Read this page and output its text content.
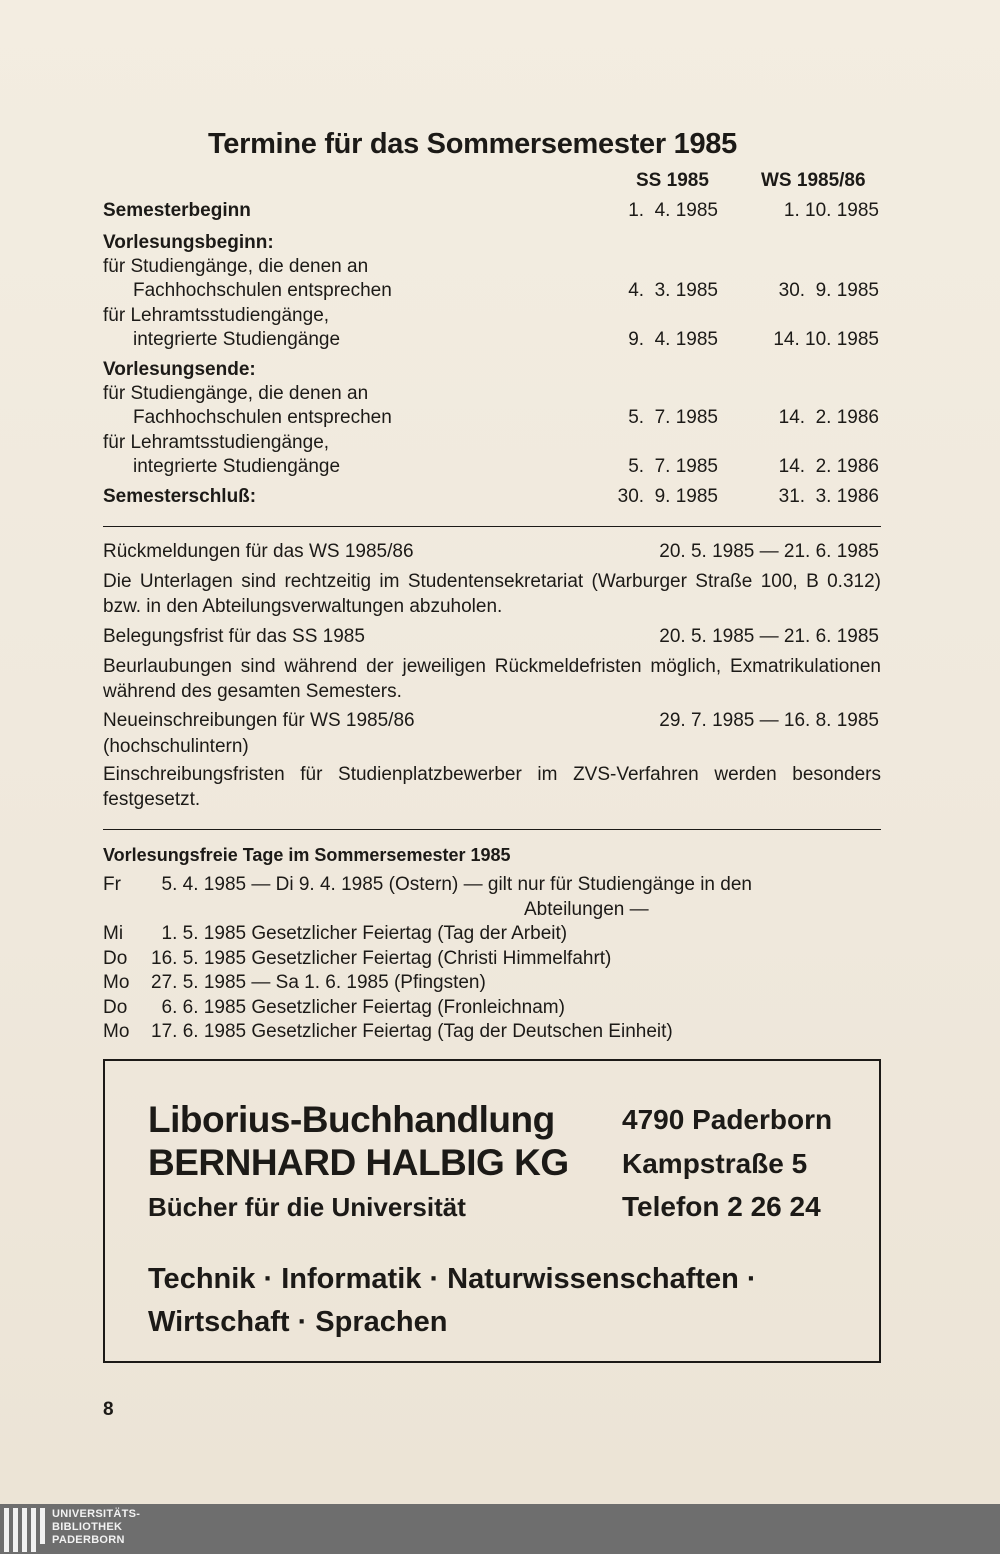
Termine für das Sommersemester 1985
SS 1985	WS 1985/86
Semesterbeginn	1.  4. 1985	1. 10. 1985
Vorlesungsbeginn:
für Studiengänge, die denen an
Fachhochschulen entsprechen	4.  3. 1985	30.  9. 1985
für Lehramtsstudiengänge,
integrierte Studiengänge	9.  4. 1985	14. 10. 1985
Vorlesungsende:
für Studiengänge, die denen an
Fachhochschulen entsprechen	5.  7. 1985	14.  2. 1986
für Lehramtsstudiengänge,
integrierte Studiengänge	5.  7. 1985	14.  2. 1986
Semesterschluß:	30.  9. 1985	31.  3. 1986
Rückmeldungen für das WS 1985/86	20. 5. 1985 — 21. 6. 1985
Die Unterlagen sind rechtzeitig im Studentensekretariat (Warburger Straße 100, B 0.312) bzw. in den Abteilungsverwaltungen abzuholen.
Belegungsfrist für das SS 1985	20. 5. 1985 — 21. 6. 1985
Beurlaubungen sind während der jeweiligen Rückmeldefristen möglich, Exmatrikulationen während des gesamten Semesters.
Neueinschreibungen für WS 1985/86	29. 7. 1985 — 16. 8. 1985
(hochschulintern)
Einschreibungsfristen für Studienplatzbewerber im ZVS-Verfahren werden besonders festgesetzt.
Vorlesungsfreie Tage im Sommersemester 1985
Fr  5. 4. 1985 — Di 9. 4. 1985 (Ostern) — gilt nur für Studiengänge in den
Abteilungen —
Mi  1. 5. 1985 Gesetzlicher Feiertag (Tag der Arbeit)
Do 16. 5. 1985 Gesetzlicher Feiertag (Christi Himmelfahrt)
Mo 27. 5. 1985 — Sa 1. 6. 1985 (Pfingsten)
Do  6. 6. 1985 Gesetzlicher Feiertag (Fronleichnam)
Mo 17. 6. 1985 Gesetzlicher Feiertag (Tag der Deutschen Einheit)
Liborius-Buchhandlung
BERNHARD HALBIG KG
Bücher für die Universität
4790 Paderborn
Kampstraße 5
Telefon 2 26 24
Technik · Informatik · Naturwissenschaften ·
Wirtschaft · Sprachen
8
UNIVERSITÄTS-
BIBLIOTHEK
PADERBORN
